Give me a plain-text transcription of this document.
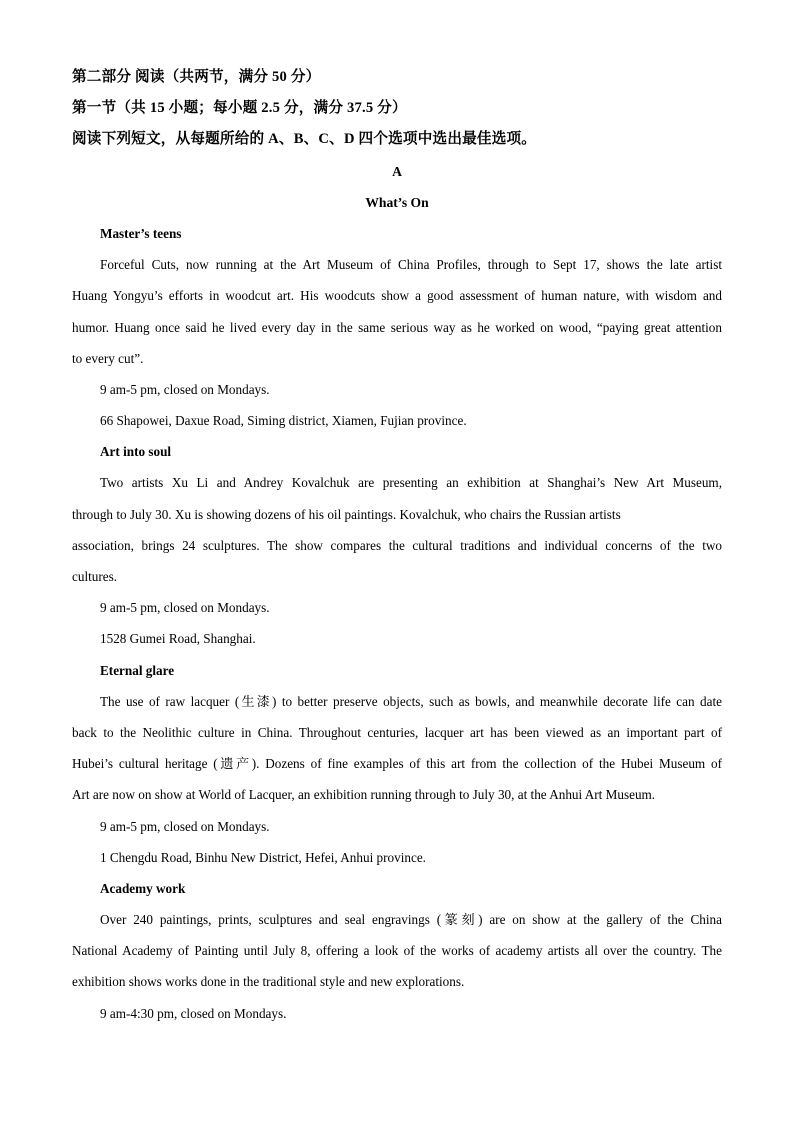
第二部分 阅读（共两节，满分 50 分）
第一节（共 15 小题；每小题 2.5 分，满分 37.5 分）
阅读下列短文，从每题所给的 A、B、C、D 四个选项中选出最佳选项。
A
What’s On
Master’s teens
Forceful Cuts, now running at the Art Museum of China Profiles, through to Sept 17, shows the late artist
Huang Yongyu’s efforts in woodcut art. His woodcuts show a good assessment of human nature, with wisdom and
humor. Huang once said he lived every day in the same serious way as he worked on wood, “paying great attention
to every cut”.
9 am-5 pm, closed on Mondays.
66 Shapowei, Daxue Road, Siming district, Xiamen, Fujian province.
Art into soul
Two artists Xu Li and Andrey Kovalchuk are presenting an exhibition at Shanghai’s New Art Museum,
through to July 30. Xu is showing dozens of his oil paintings. Kovalchuk, who chairs the Russian artists
association, brings 24 sculptures. The show compares the cultural traditions and individual concerns of the two
cultures.
9 am-5 pm, closed on Mondays.
1528 Gumei Road, Shanghai.
Eternal glare
The use of raw lacquer (生漆) to better preserve objects, such as bowls, and meanwhile decorate life can date
back to the Neolithic culture in China. Throughout centuries, lacquer art has been viewed as an important part of
Hubei’s cultural heritage (遗产). Dozens of fine examples of this art from the collection of the Hubei Museum of
Art are now on show at World of Lacquer, an exhibition running through to July 30, at the Anhui Art Museum.
9 am-5 pm, closed on Mondays.
1 Chengdu Road, Binhu New District, Hefei, Anhui province.
Academy work
Over 240 paintings, prints, sculptures and seal engravings (篆刻) are on show at the gallery of the China
National Academy of Painting until July 8, offering a look of the works of academy artists all over the country. The
exhibition shows works done in the traditional style and new explorations.
9 am-4:30 pm, closed on Mondays.
